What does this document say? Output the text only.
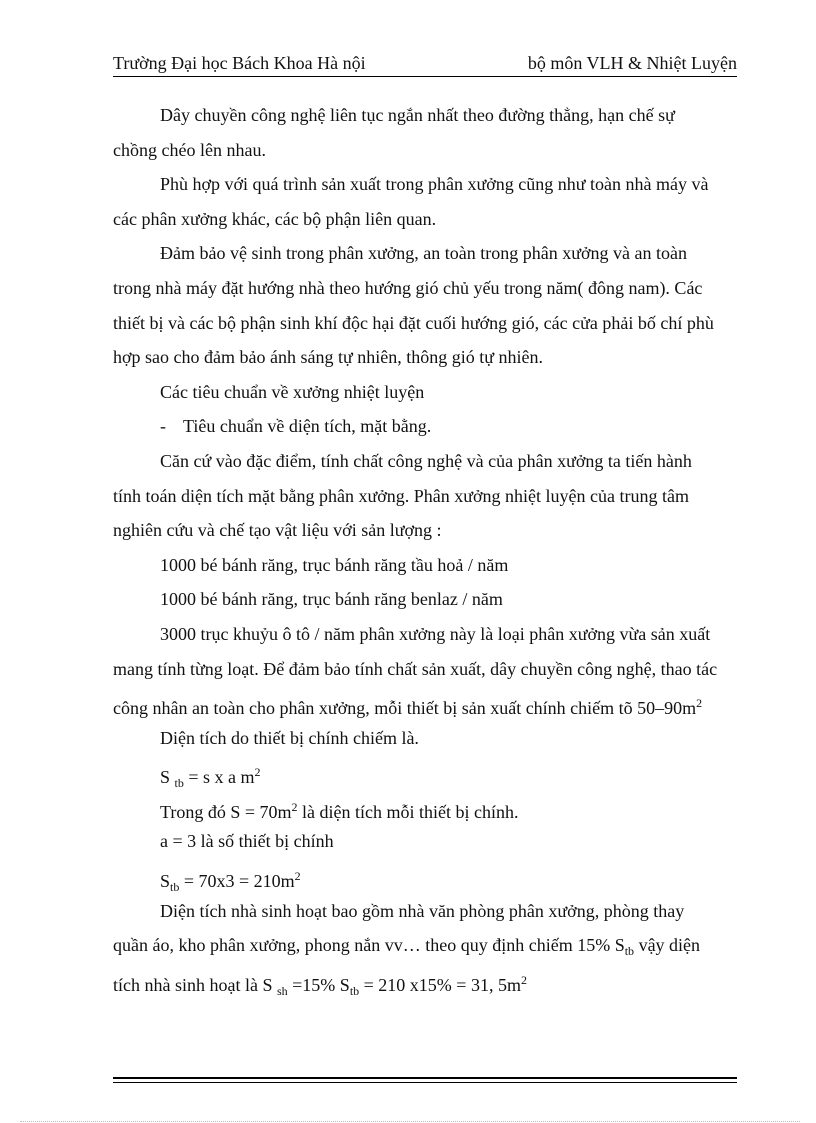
Trường Đại học Bách Khoa Hà nội	bộ môn VLH & Nhiệt Luyện
Dây chuyền công nghệ liên tục ngắn nhất theo đường thẳng, hạn chế sự
chồng chéo lên nhau.
Phù hợp với quá trình sản xuất trong phân xưởng cũng như toàn nhà máy và
các phân xưởng khác, các bộ phận liên quan.
Đảm bảo vệ sinh trong phân xưởng, an toàn trong phân xưởng và an toàn
trong nhà máy đặt hướng nhà theo hướng gió chủ yếu trong năm( đông nam). Các
thiết bị và các bộ phận sinh khí độc hại đặt cuối hướng gió, các cửa phải bố chí phù
hợp sao cho đảm bảo ánh sáng tự nhiên, thông gió tự nhiên.
Các tiêu chuẩn về xưởng nhiệt luyện
- Tiêu chuẩn về diện tích, mặt bằng.
Căn cứ vào đặc điểm, tính chất công nghệ và của phân xưởng ta tiến hành
tính toán diện tích mặt bằng phân xưởng. Phân xưởng nhiệt luyện của trung tâm
nghiên cứu và chế tạo vật liệu với sản lượng :
1000 bé bánh răng, trục bánh răng tầu hoả / năm
1000 bé bánh răng, trục bánh răng benlaz / năm
3000 trục khuỷu ô tô / năm phân xưởng này là loại phân xưởng vừa sản xuất
mang tính từng loạt. Để đảm bảo tính chất sản xuất, dây chuyền công nghệ, thao tác
công nhân an toàn cho phân xưởng, mỗi thiết bị sản xuất chính chiếm tõ $50-90m^2$
Diện tích do thiết bị chính chiếm là.
S $_{tb}$ = s x a $m^2$
Trong đó $S = 70m^2$ là diện tích mỗi thiết bị chính.
a = 3 là số thiết bị chính
$S_{tb} = 70x3 = 210m^2$
Diện tích nhà sinh hoạt bao gồm nhà văn phòng phân xưởng, phòng thay
quần áo, kho phân xưởng, phong nắn vv… theo quy định chiếm 15% $S_{tb}$ vậy diện
tích nhà sinh hoạt là S $_{sh}$ =15% $S_{tb} = 210$ x15% = 31, $5m^2$
